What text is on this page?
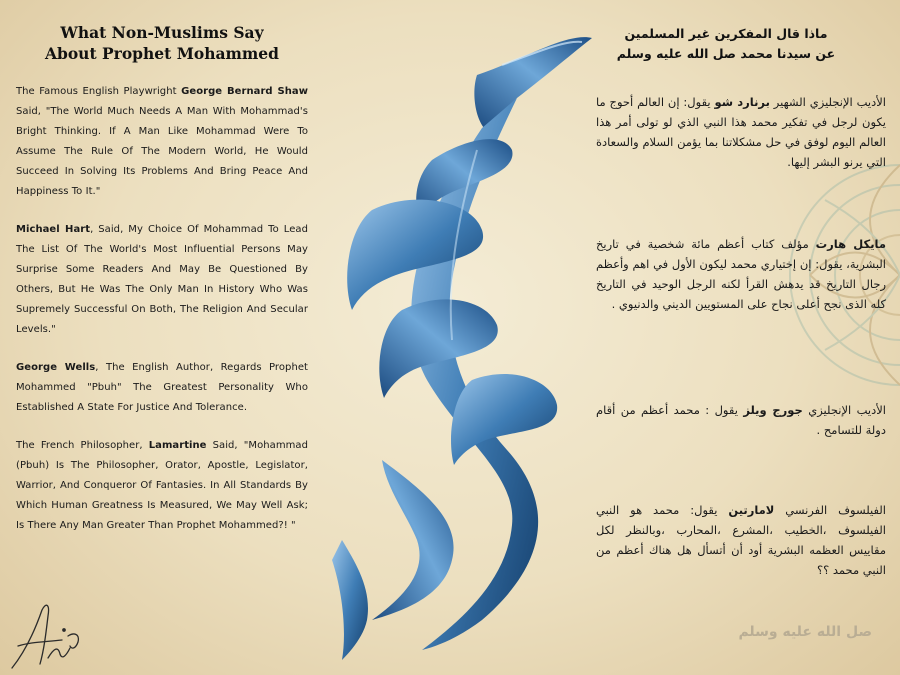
What Non-Muslims Say
About Prophet Mohammed

The Famous English Playwright George Bernard Shaw Said, "The World Much Needs A Man With Mohammad's Bright Thinking. If A Man Like Mohammad Were To Assume The Rule Of The Modern World, He Would Succeed In Solving Its Problems And Bring Peace And Happiness To It."

Michael Hart, Said, My Choice Of Mohammad To Lead The List Of The World's Most Influential Persons May Surprise Some Readers And May Be Questioned By Others, But He Was The Only Man In History Who Was Supremely Successful On Both, The Religion And Secular Levels."

George Wells, The English Author, Regards Prophet Mohammed "Pbuh" The Greatest Personality Who Established A State For Justice And Tolerance.

The French Philosopher, Lamartine Said, "Mohammad (Pbuh) Is The Philosopher, Orator, Apostle, Legislator, Warrior, And Conqueror Of Fantasies. In All Standards By Which Human Greatness Is Measured, We May Well Ask; Is There Any Man Greater Than Prophet Mohammed?! "

ماذا قال المفكرين غير المسلمين
عن سيدنا محمد صل الله عليه وسلم

الأديب الإنجليزي الشهير برنارد شو يقول: إن العالم أحوج ما يكون لرجل في تفكير محمد هذا النبي الذي لو تولى أمر هذا العالم اليوم لوفق في حل مشكلاتنا بما يؤمن السلام والسعادة التي يرنو البشر إليها.

مايكل هارت مؤلف كتاب أعظم مائة شخصية في تاريخ البشرية، يقول: إن إختياري محمد ليكون الأول في اهم وأعظم رجال التاريخ قد يدهش القرأ لكنه الرجل الوحيد في التاريخ كله الذى نجح أعلى نجاح على المستويين الديني والدنيوي .

الأديب الإنجليزي جورج ويلز يقول : محمد أعظم من أقام دولة للتسامح .

الفيلسوف الفرنسي لامارتين يقول: محمد هو النبي الفيلسوف ،الخطيب ،المشرع ،المحارب ،وبالنظر لكل مقاييس العظمه البشرية أود أن أتسأل هل هناك أعظم من النبي محمد ؟؟

صل الله عليه وسلم
